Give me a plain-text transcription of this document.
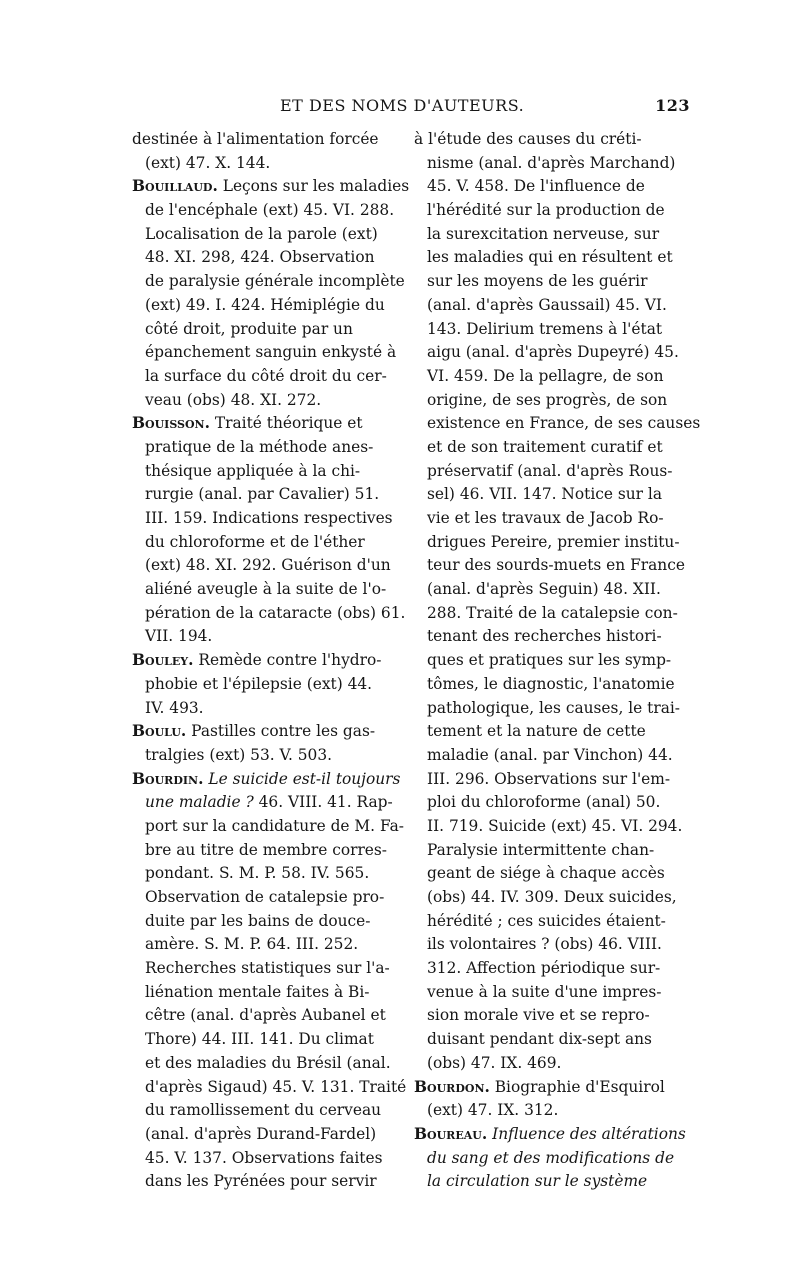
ET DES NOMS D'AUTEURS.	123
destinée à l'alimentation forcée
(ext) 47. X. 144.
Bouillaud. Leçons sur les maladies
de l'encéphale (ext) 45. VI. 288.
Localisation de la parole (ext)
48. XI. 298, 424. Observation
de paralysie générale incomplète
(ext) 49. I. 424. Hémiplégie du
côté droit, produite par un
épanchement sanguin enkysté à
la surface du côté droit du cer-
veau (obs) 48. XI. 272.
Bouisson. Traité théorique et
pratique de la méthode anes-
thésique appliquée à la chi-
rurgie (anal. par Cavalier) 51.
III. 159. Indications respectives
du chloroforme et de l'éther
(ext) 48. XI. 292. Guérison d'un
aliéné aveugle à la suite de l'o-
pération de la cataracte (obs) 61.
VII. 194.
Bouley. Remède contre l'hydro-
phobie et l'épilepsie (ext) 44.
IV. 493.
Boulu. Pastilles contre les gas-
tralgies (ext) 53. V. 503.
Bourdin. Le suicide est-il toujours
une maladie ? 46. VIII. 41. Rap-
port sur la candidature de M. Fa-
bre au titre de membre corres-
pondant. S. M. P. 58. IV. 565.
Observation de catalepsie pro-
duite par les bains de douce-
amère. S. M. P. 64. III. 252.
Recherches statistiques sur l'a-
liénation mentale faites à Bi-
cêtre (anal. d'après Aubanel et
Thore) 44. III. 141. Du climat
et des maladies du Brésil (anal.
d'après Sigaud) 45. V. 131. Traité
du ramollissement du cerveau
(anal. d'après Durand-Fardel)
45. V. 137. Observations faites
dans les Pyrénées pour servir
à l'étude des causes du créti-
nisme (anal. d'après Marchand)
45. V. 458. De l'influence de
l'hérédité sur la production de
la surexcitation nerveuse, sur
les maladies qui en résultent et
sur les moyens de les guérir
(anal. d'après Gaussail) 45. VI.
143. Delirium tremens à l'état
aigu (anal. d'après Dupeyré) 45.
VI. 459. De la pellagre, de son
origine, de ses progrès, de son
existence en France, de ses causes
et de son traitement curatif et
préservatif (anal. d'après Rous-
sel) 46. VII. 147. Notice sur la
vie et les travaux de Jacob Ro-
drigues Pereire, premier institu-
teur des sourds-muets en France
(anal. d'après Seguin) 48. XII.
288. Traité de la catalepsie con-
tenant des recherches histori-
ques et pratiques sur les symp-
tômes, le diagnostic, l'anatomie
pathologique, les causes, le trai-
tement et la nature de cette
maladie (anal. par Vinchon) 44.
III. 296. Observations sur l'em-
ploi du chloroforme (anal) 50.
II. 719. Suicide (ext) 45. VI. 294.
Paralysie intermittente chan-
geant de siége à chaque accès
(obs) 44. IV. 309. Deux suicides,
hérédité ; ces suicides étaient-
ils volontaires ? (obs) 46. VIII.
312. Affection périodique sur-
venue à la suite d'une impres-
sion morale vive et se repro-
duisant pendant dix-sept ans
(obs) 47. IX. 469.
Bourdon. Biographie d'Esquirol
(ext) 47. IX. 312.
Boureau. Influence des altérations
du sang et des modifications de
la circulation sur le système
